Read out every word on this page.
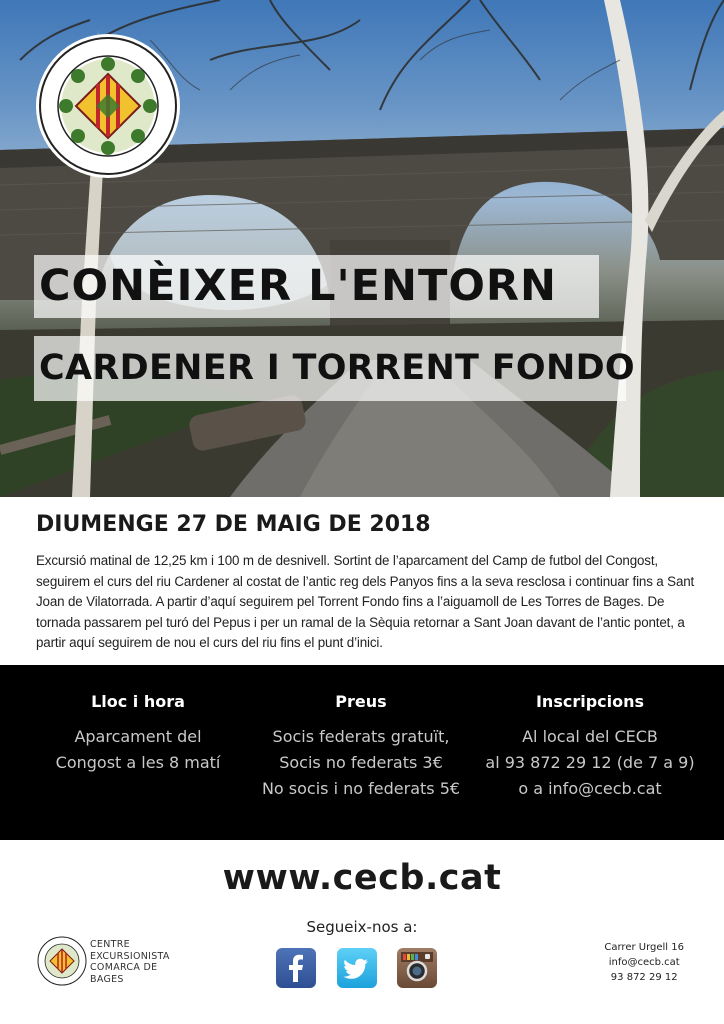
CONÈIXER L'ENTORN
CARDENER I TORRENT FONDO
DIUMENGE 27 DE MAIG DE 2018
Excursió matinal de 12,25 km i 100 m de desnivell. Sortint de l’aparcament del Camp de futbol del Congost,
seguirem el curs del riu Cardener al costat de l’antic reg dels Panyos fins a la seva resclosa i continuar fins a Sant
Joan de Vilatorrada. A partir d’aquí seguirem pel Torrent Fondo fins a l’aiguamoll de Les Torres de Bages. De
tornada passarem pel turó del Pepus i per un ramal de la Sèquia retornar a Sant Joan davant de l’antic pontet, a
partir aquí seguirem de nou el curs del riu fins el punt d’inici.
Lloc i hora

Aparcament del

Congost a les 8 matí

Preus

Socis federats gratuït,

Socis no federats 3€

No socis i no federats 5€

Inscripcions

Al local del CECB

al 93 872 29 12 (de 7 a 9)

o a info@cecb.cat

www.cecb.cat
Segueix-nos a:
CENTRE
EXCURSIONISTA
COMARCA DE
BAGES
Carrer Urgell 16
info@cecb.cat
93 872 29 12
